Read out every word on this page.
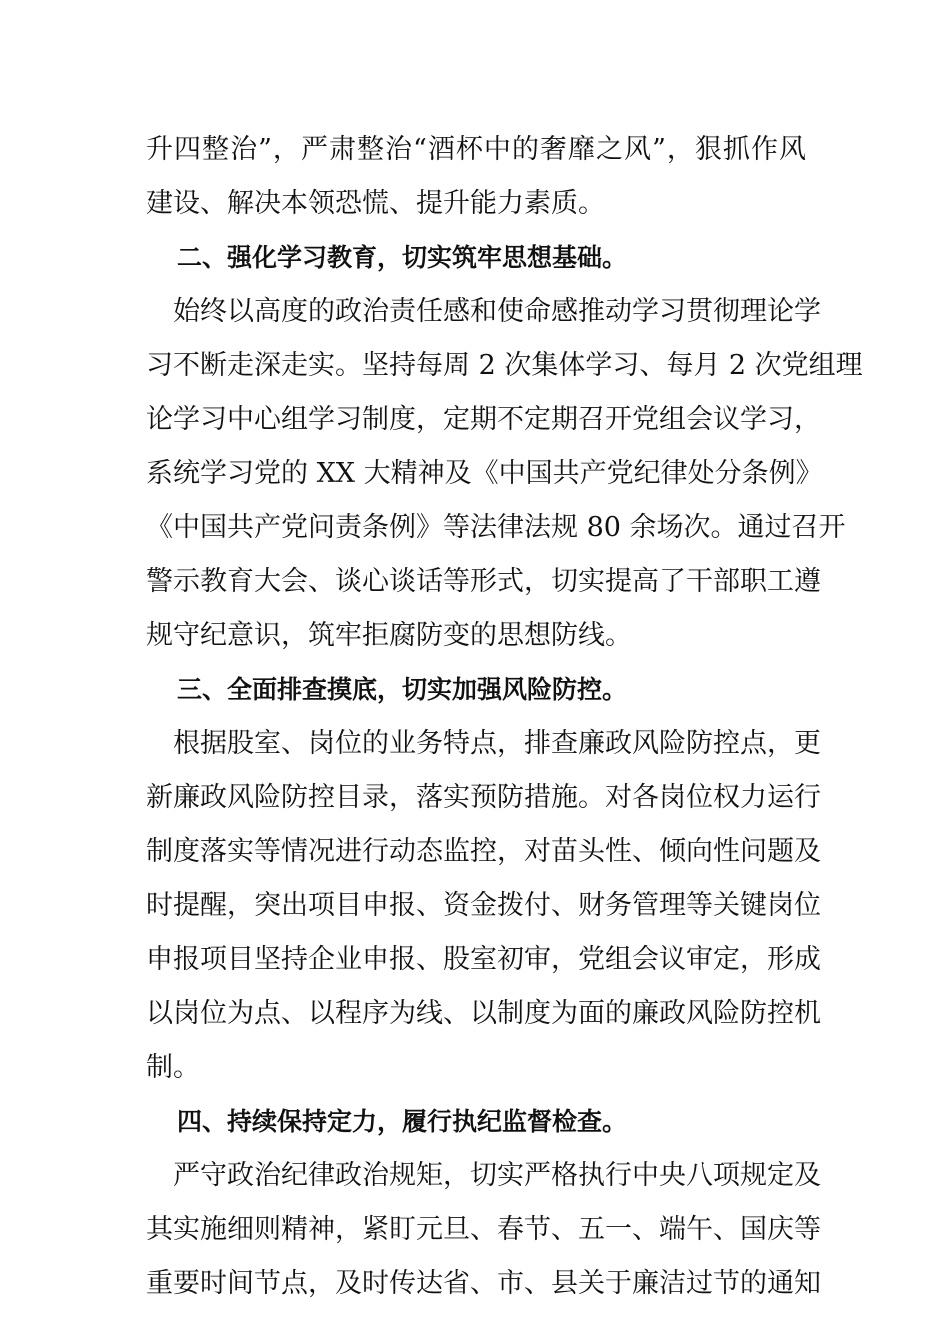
升四整治”，严肃整治“酒杯中的奢靡之风”，狠抓作风
建设、解决本领恐慌、提升能力素质。
二、强化学习教育，切实筑牢思想基础。
始终以高度的政治责任感和使命感推动学习贯彻理论学
习不断走深走实。坚持每周 2 次集体学习、每月 2 次党组理
论学习中心组学习制度，定期不定期召开党组会议学习，
系统学习党的 XX 大精神及《中国共产党纪律处分条例》
《中国共产党问责条例》等法律法规 80 余场次。通过召开
警示教育大会、谈心谈话等形式，切实提高了干部职工遵
规守纪意识，筑牢拒腐防变的思想防线。
三、全面排查摸底，切实加强风险防控。
根据股室、岗位的业务特点，排查廉政风险防控点，更
新廉政风险防控目录，落实预防措施。对各岗位权力运行
制度落实等情况进行动态监控，对苗头性、倾向性问题及
时提醒，突出项目申报、资金拨付、财务管理等关键岗位
申报项目坚持企业申报、股室初审，党组会议审定，形成
以岗位为点、以程序为线、以制度为面的廉政风险防控机
制。
四、持续保持定力，履行执纪监督检查。
严守政治纪律政治规矩，切实严格执行中央八项规定及
其实施细则精神，紧盯元旦、春节、五一、端午、国庆等
重要时间节点，及时传达省、市、县关于廉洁过节的通知
